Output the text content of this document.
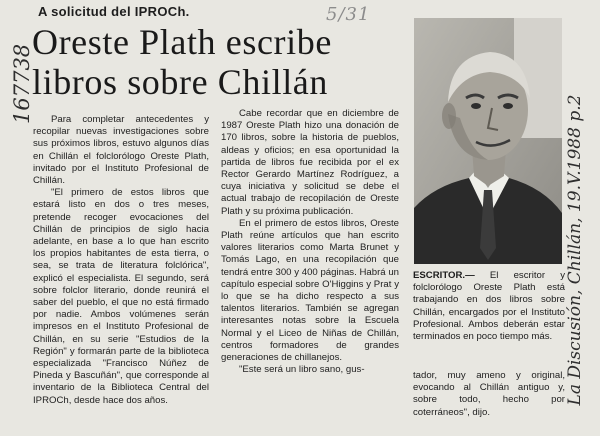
A solicitud del IPROCh.
Oreste Plath escribe
libros sobre Chillán
5/31
167738
La Discusión, Chillán, 19.V.1988 p.2

Para completar antecedentes y recopilar nuevas investigaciones sobre sus próximos libros, estuvo algunos días en Chillán el folclorólogo Oreste Plath, invitado por el Instituto Profesional de Chillán.

"El primero de estos libros que estará listo en dos o tres meses, pretende recoger evocaciones del Chillán de principios de siglo hacia adelante, en base a lo que han escrito los propios habitantes de esta tierra, o sea, se trata de literatura folclórica", explicó el especialista. El segundo, será sobre folclor literario, donde reunirá el saber del pueblo, el que no está firmado por nadie. Ambos volúmenes serán impresos en el Instituto Profesional de Chillán, en su serie "Estudios de la Región" y formarán parte de la biblioteca especializada "Francisco Núñez de Pineda y Bascuñán", que corresponde al inventario de la Biblioteca Central del IPROCh, desde hace dos años.

Cabe recordar que en diciembre de 1987 Oreste Plath hizo una donación de 170 libros, sobre la historia de pueblos, aldeas y oficios; en esa oportunidad la partida de libros fue recibida por el ex Rector Gerardo Martínez Rodríguez, a cuya iniciativa y solicitud se debe el actual trabajo de recopilación de Oreste Plath y su próxima publicación.

En el primero de estos libros, Oreste Plath reúne artículos que han escrito valores literarios como Marta Brunet y Tomás Lago, en una recopilación que tendrá entre 300 y 400 páginas. Habrá un capítulo especial sobre O'Higgins y Prat y lo que se ha dicho respecto a sus talentos literarios. También se agregan interesantes notas sobre la Escuela Normal y el Liceo de Niñas de Chillán, centros formadores de grandes generaciones de chillanejos.

"Este será un libro sano, gus-

ESCRITOR.— El escritor y folclorólogo Oreste Plath está trabajando en dos libros sobre Chillán, encargados por el Instituto Profesional. Ambos deberán estar terminados en poco tiempo más.

tador, muy ameno y original, evocando al Chillán antiguo y, sobre todo, hecho por coterráneos", dijo.
